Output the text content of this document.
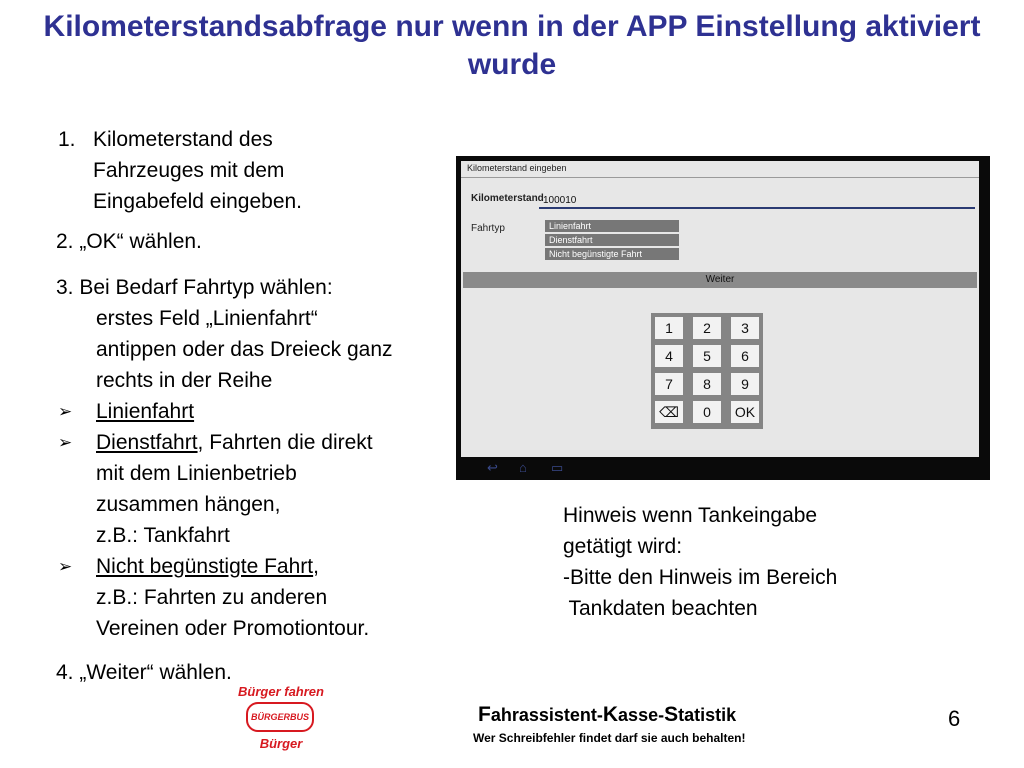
Kilometerstandsabfrage nur wenn in der APP Einstellung aktiviert wurde
1. Kilometerstand des
Fahrzeuges mit dem
Eingabefeld eingeben.
2. „OK“ wählen.
3. Bei Bedarf Fahrtyp wählen:
erstes Feld „Linienfahrt“
antippen oder das Dreieck ganz
rechts in der Reihe
➢ Linienfahrt
➢ Dienstfahrt, Fahrten die direkt
mit dem Linienbetrieb
zusammen hängen,
z.B.: Tankfahrt
➢ Nicht begünstigte Fahrt,
z.B.: Fahrten zu anderen
Vereinen oder Promotiontour.
4. „Weiter“ wählen.
Kilometerstand eingeben
Kilometerstand 100010
Fahrtyp	Linienfahrt
Dienstfahrt
Nicht begünstigte Fahrt
Weiter
1	2	3
4	5	6
7	8	9
⌫	0	OK
↩ ⌂ ▭
Hinweis wenn Tankeingabe
getätigt wird:
-Bitte den Hinweis im Bereich
Tankdaten beachten
Bürger fahren
BÜRGERBUS
Bürger
Fahrassistent-Kasse-Statistik
Wer Schreibfehler findet darf sie auch behalten!
6
